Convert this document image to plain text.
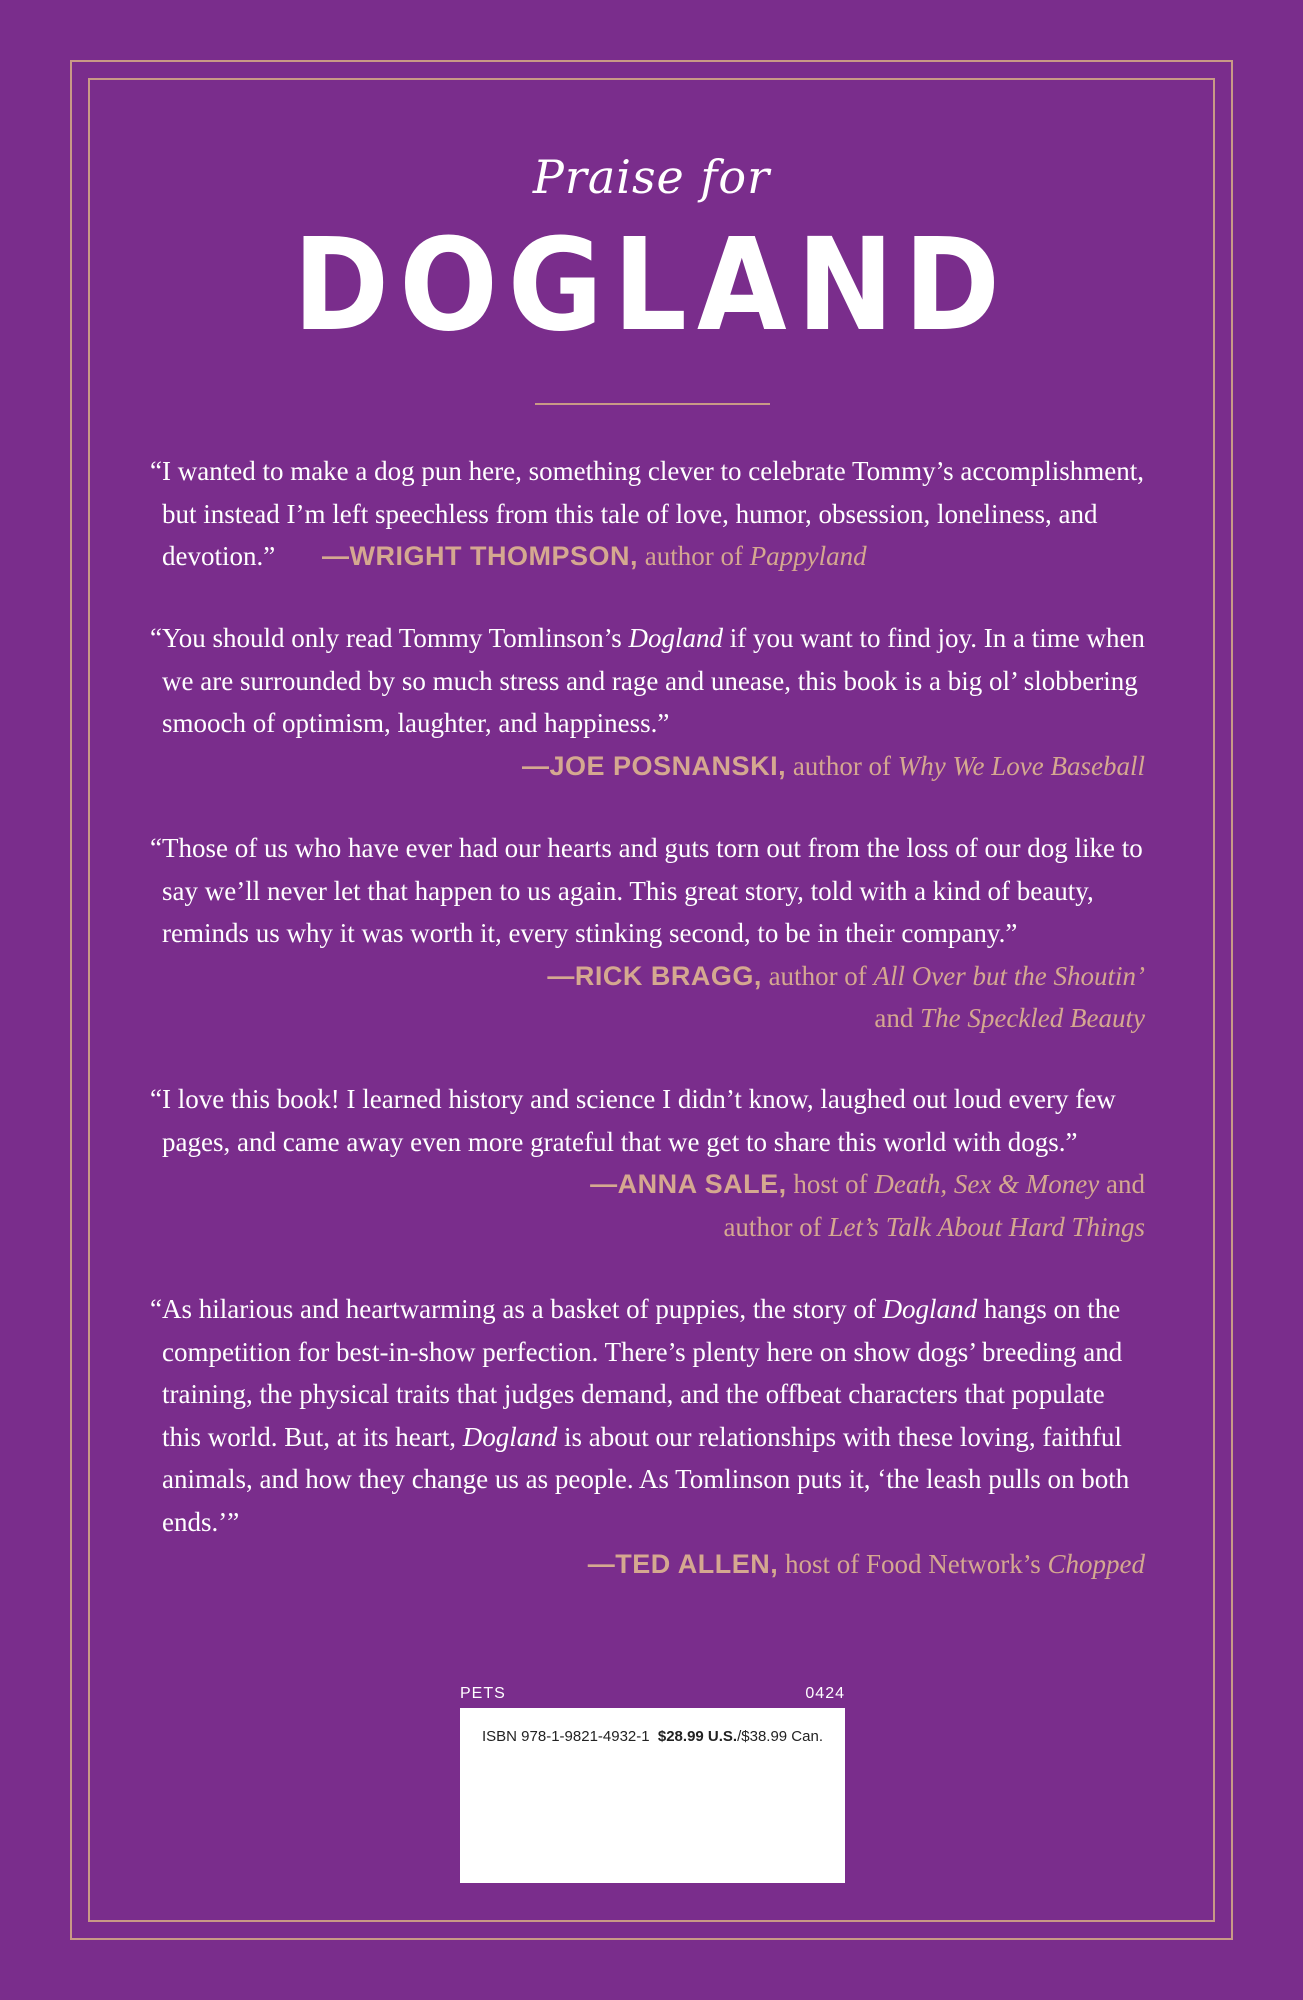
Praise for
DOGLAND
“I wanted to make a dog pun here, something clever to celebrate Tommy’s accomplishment, but instead I’m left speechless from this tale of love, humor, obsession, loneliness, and devotion.” —WRIGHT THOMPSON, author of Pappyland
“You should only read Tommy Tomlinson’s Dogland if you want to find joy. In a time when we are surrounded by so much stress and rage and unease, this book is a big ol’ slobbering smooch of optimism, laughter, and happiness.”
—JOE POSNANSKI, author of Why We Love Baseball
“Those of us who have ever had our hearts and guts torn out from the loss of our dog like to say we’ll never let that happen to us again. This great story, told with a kind of beauty, reminds us why it was worth it, every stinking second, to be in their company.”
—RICK BRAGG, author of All Over but the Shoutin’
and The Speckled Beauty
“I love this book! I learned history and science I didn’t know, laughed out loud every few pages, and came away even more grateful that we get to share this world with dogs.”
—ANNA SALE, host of Death, Sex & Money and
author of Let’s Talk About Hard Things
“As hilarious and heartwarming as a basket of puppies, the story of Dogland hangs on the competition for best-in-show perfection. There’s plenty here on show dogs’ breeding and training, the physical traits that judges demand, and the offbeat characters that populate this world. But, at its heart, Dogland is about our relationships with these loving, faithful animals, and how they change us as people. As Tomlinson puts it, ‘the leash pulls on both ends.’”
—TED ALLEN, host of Food Network’s Chopped
PETS	0424
ISBN 978-1-9821-4932-1 $28.99 U.S./$38.99 Can.
